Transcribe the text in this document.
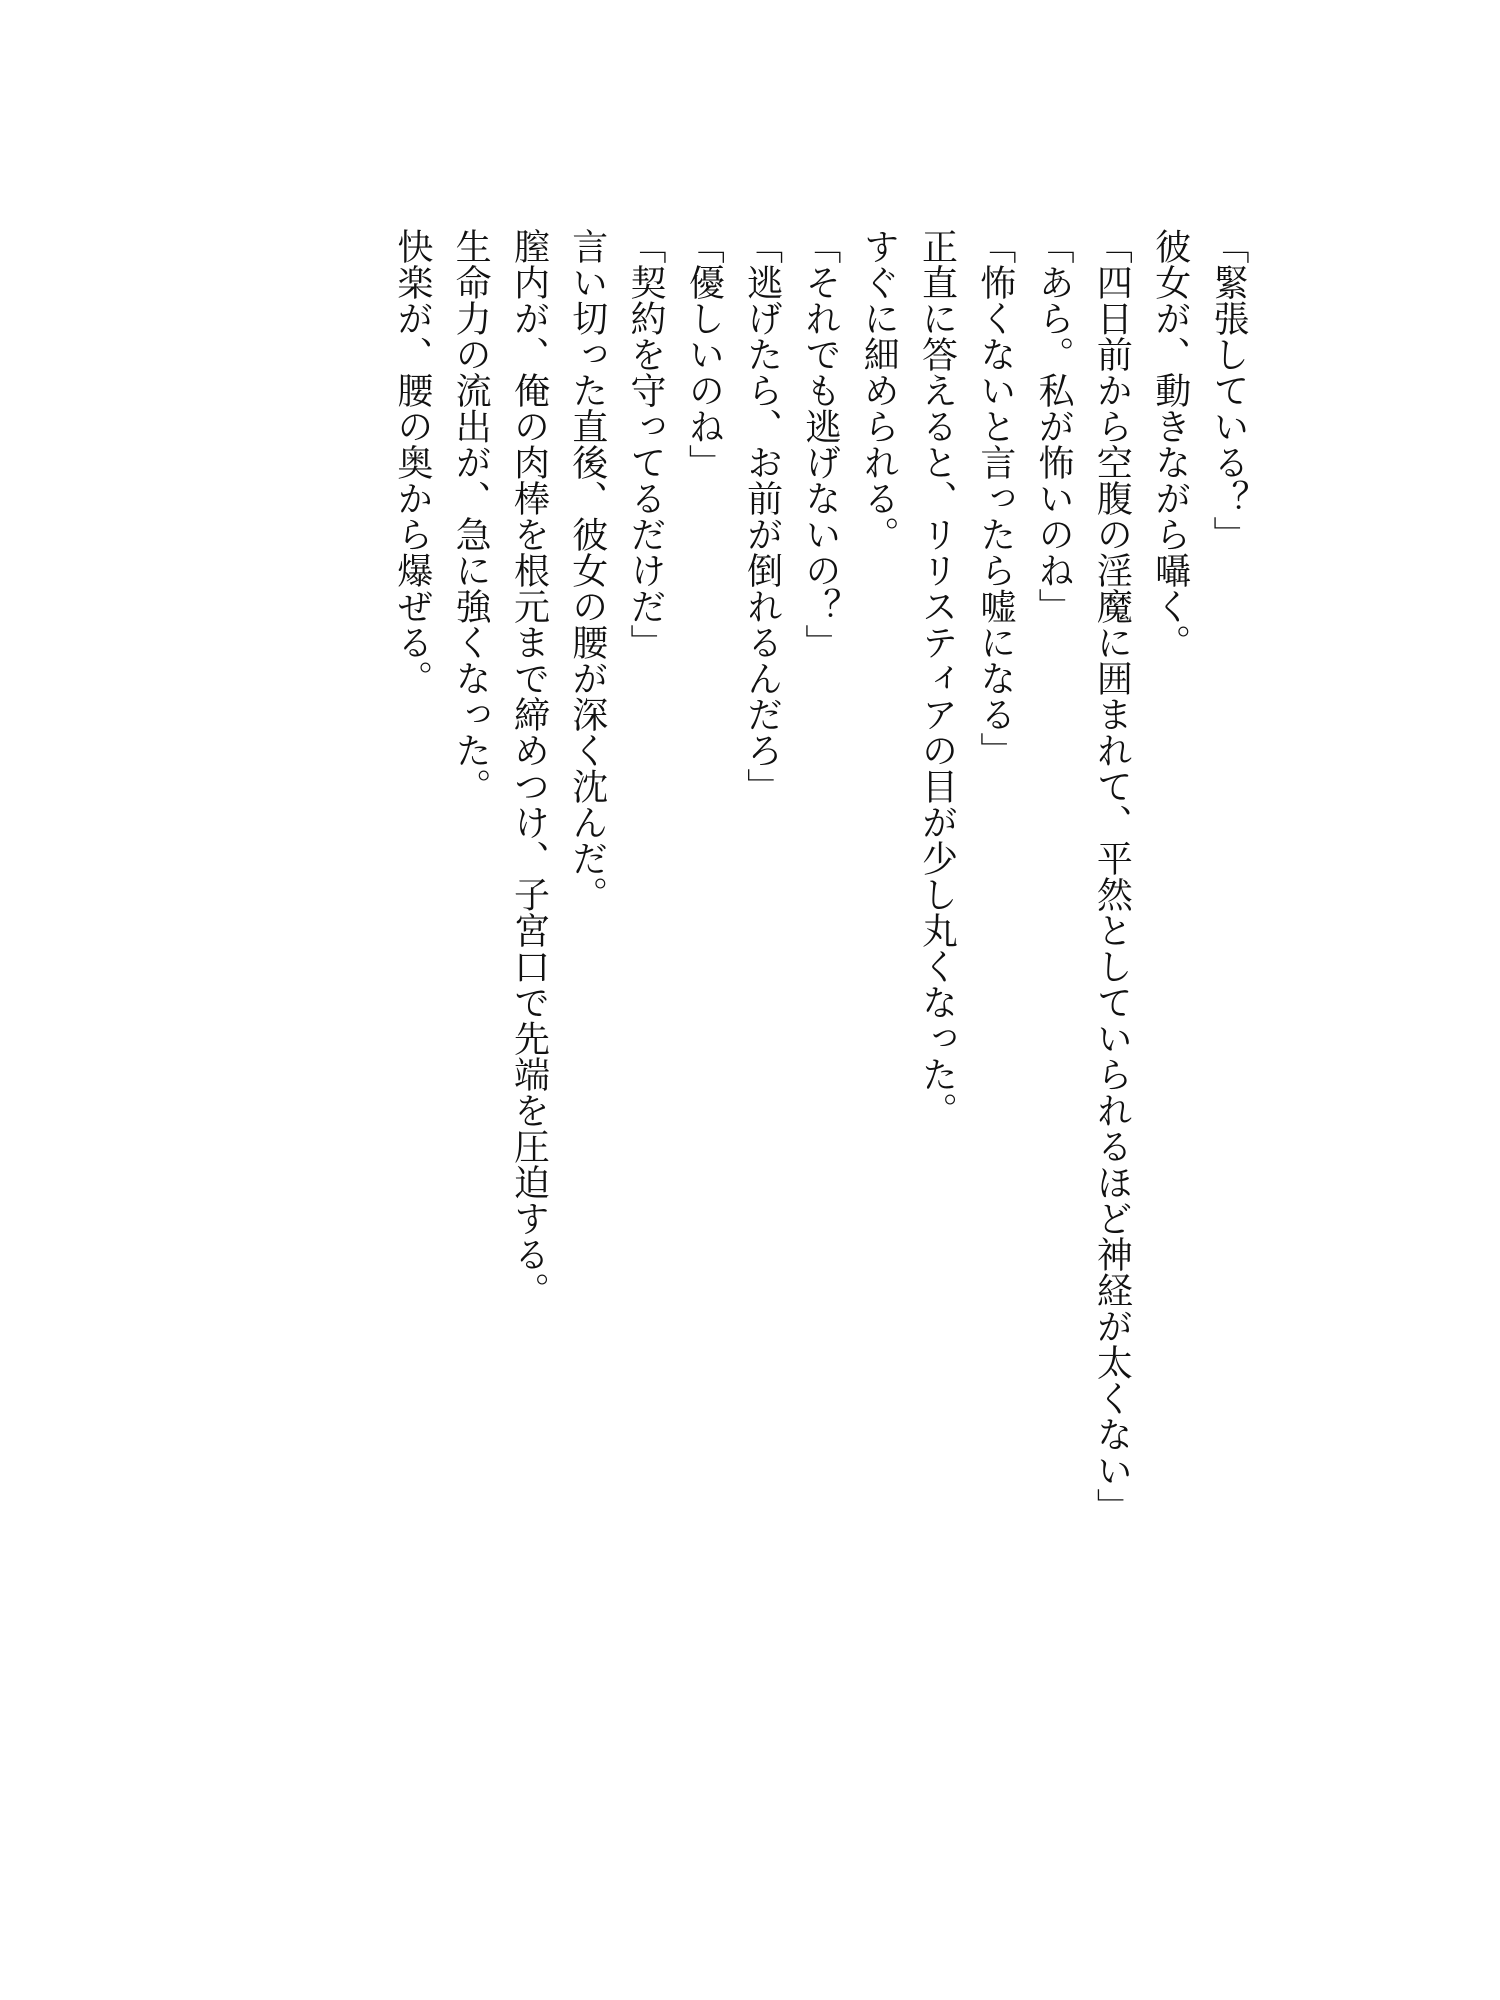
「緊張している？」
彼女が、動きながら囁く。
「四日前から空腹の淫魔に囲まれて、平然としていられるほど神経が太くない」
「あら。私が怖いのね」
「怖くないと言ったら嘘になる」
正直に答えると、リリスティアの目が少し丸くなった。
すぐに細められる。
「それでも逃げないの？」
「逃げたら、お前が倒れるんだろ」
「優しいのね」
「契約を守ってるだけだ」
言い切った直後、彼女の腰が深く沈んだ。
膣内が、俺の肉棒を根元まで締めつけ、子宮口で先端を圧迫する。
生命力の流出が、急に強くなった。
快楽が、腰の奥から爆ぜる。
